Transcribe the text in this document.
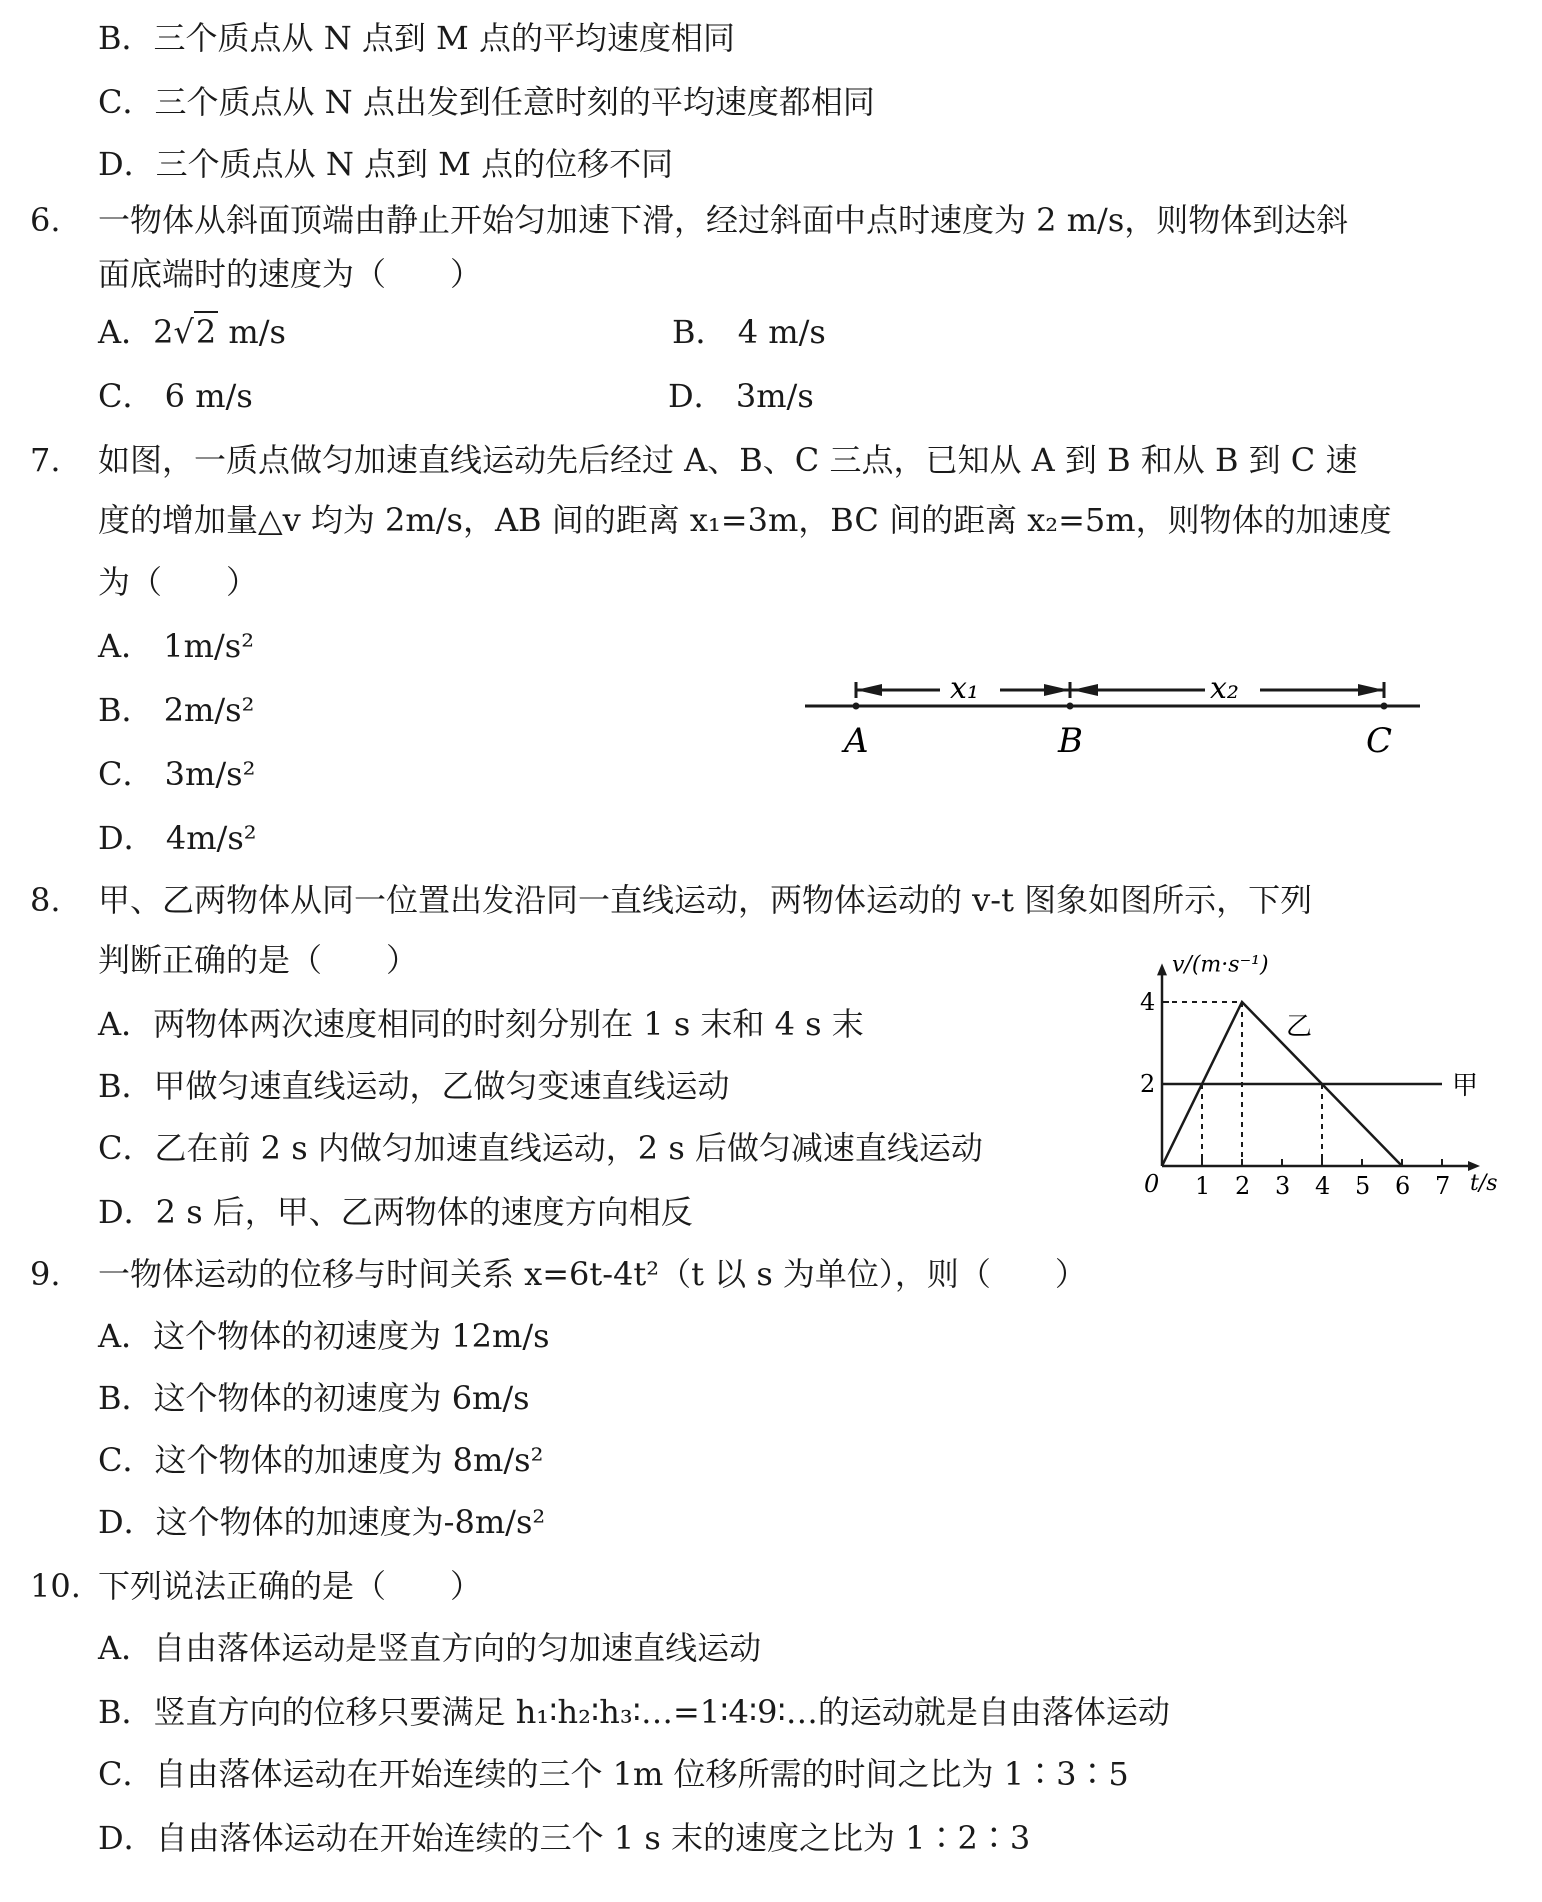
B．三个质点从 N 点到 M 点的平均速度相同
C．三个质点从 N 点出发到任意时刻的平均速度都相同
D．三个质点从 N 点到 M 点的位移不同
6. 一物体从斜面顶端由静止开始匀加速下滑，经过斜面中点时速度为 2 m/s，则物体到达斜
面底端时的速度为（　　）
A．2√2 m/s	B． 4 m/s
C． 6 m/s	D． 3m/s
7. 如图，一质点做匀加速直线运动先后经过 A、B、C 三点，已知从 A 到 B 和从 B 到 C 速
度的增加量△v 均为 2m/s，AB 间的距离 x₁=3m，BC 间的距离 x₂=5m，则物体的加速度
为（　　）
A． 1m/s²
B． 2m/s²
C． 3m/s²
D． 4m/s²
x₁	x₂
A	B	C
8. 甲、乙两物体从同一位置出发沿同一直线运动，两物体运动的 v-t 图象如图所示，下列
判断正确的是（　　）
A．两物体两次速度相同的时刻分别在 1 s 末和 4 s 末
B．甲做匀速直线运动，乙做匀变速直线运动
C．乙在前 2 s 内做匀加速直线运动，2 s 后做匀减速直线运动
D．2 s 后，甲、乙两物体的速度方向相反
v/(m·s⁻¹)
t/s
0 1 2 3 4 5 6 7
2
4
甲
乙
9. 一物体运动的位移与时间关系 x=6t-4t²（t 以 s 为单位），则（　　）
A．这个物体的初速度为 12m/s
B．这个物体的初速度为 6m/s
C．这个物体的加速度为 8m/s²
D．这个物体的加速度为-8m/s²
10. 下列说法正确的是（　　）
A．自由落体运动是竖直方向的匀加速直线运动
B．竖直方向的位移只要满足 h₁∶h₂∶h₃∶…=1∶4∶9∶…的运动就是自由落体运动
C．自由落体运动在开始连续的三个 1m 位移所需的时间之比为 1∶3∶5
D．自由落体运动在开始连续的三个 1 s 末的速度之比为 1∶2∶3
